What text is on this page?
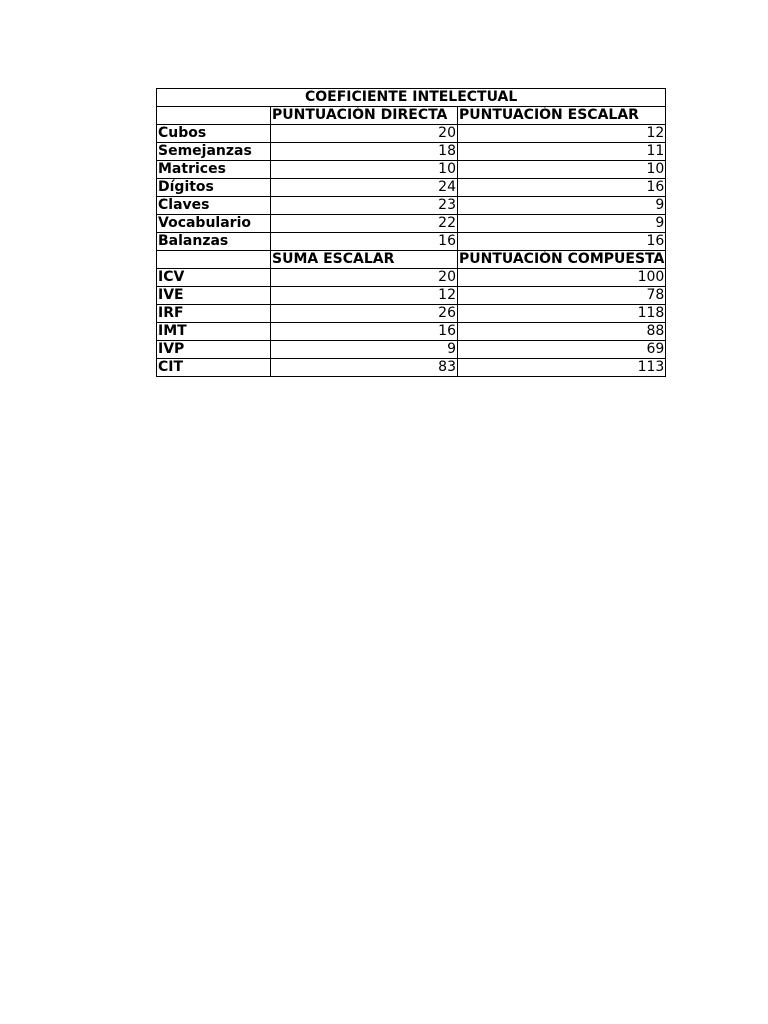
COEFICIENTE INTELECTUAL		
	PUNTUACIÓN DIRECTA	PUNTUACIÓN ESCALAR
Cubos	20	12
Semejanzas	18	11
Matrices	10	10
Dígitos	24	16
Claves	23	9
Vocabulario	22	9
Balanzas	16	16
	SUMA ESCALAR	PUNTUACIÓN COMPUESTA
ICV	20	100
IVE	12	78
IRF	26	118
IMT	16	88
IVP	9	69
CIT	83	113
